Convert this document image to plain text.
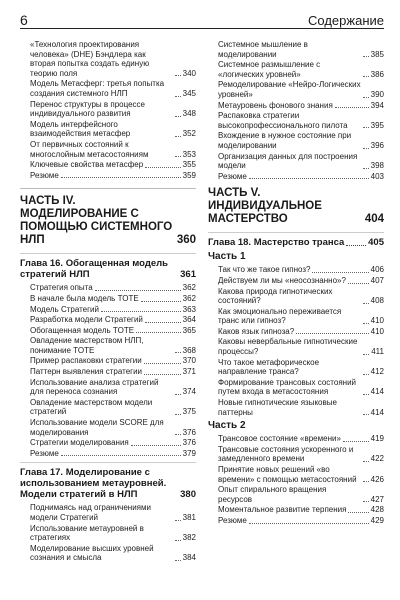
6	Содержание
«Технология проектирования человека» (DHE) Бэндлера как вторая попытка создать единую теорию поля	340
Модель Метасферг: третья попытка создания системного НЛП	345
Перенос структуры в процессе индивидуального развития	348
Модель интерфейсного взаимодействия метасфер	352
От первичных состояний к многослойным метасостояниям	353
Ключевые свойства метасфер	355
Резюме	359
ЧАСТЬ IV. МОДЕЛИРОВАНИЕ С ПОМОЩЬЮ СИСТЕМНОГО НЛП	360
Глава 16. Обогащенная модель стратегий НЛП	361
Стратегия опыта	362
В начале была модель TOTE	362
Модель Стратегий	363
Разработка модели Стратегий	364
Обогащенная модель TOTE	365
Овладение мастерством НЛП, понимание TOTE	368
Пример распаковки стратегии	370
Паттерн выявления стратегии	371
Использование анализа стратегий для переноса сознания	374
Овладение мастерством модели стратегий	375
Использование модели SCORE для моделирования	376
Стратегии моделирования	376
Резюме	379
Глава 17. Моделирование с использованием метауровней. Модели стратегий в НЛП	380
Поднимаясь над ограничениями модели Стратегий	381
Использование метауровней в стратегиях	382
Моделирование высших уровней сознания и смысла	384
Системное мышление в моделировании	385
Системное размышление с «логических уровней»	386
Ремоделирование «Нейро-Логических уровней»	390
Метауровень фонового знания	394
Распаковка стратегии высокопрофессионального пилота	395
Вхождение в нужное состояние при моделировании	396
Организация данных для построения модели	398
Резюме	403
ЧАСТЬ V. ИНДИВИДУАЛЬНОЕ МАСТЕРСТВО	404
Глава 18. Мастерство транса	405
Часть 1
Так что же такое гипноз?	406
Действуем ли мы «неосознанно»?	407
Какова природа гипнотических состояний?	408
Как эмоционально переживается транс или гипноз?	410
Каков язык гипноза?	410
Каковы невербальные гипнотические процессы?	411
Что такое метафорическое направление транса?	412
Формирование трансовых состояний путем входа в метасостояния	414
Новые гипнотические языковые паттерны	414
Часть 2
Трансовое состояние «времени»	419
Трансовые состояния ускоренного и замедленного времени	422
Принятие новых решений «во времени» с помощью метасостояний	426
Опыт спирального вращения ресурсов	427
Моментальное развитие терпения	428
Резюме	429
